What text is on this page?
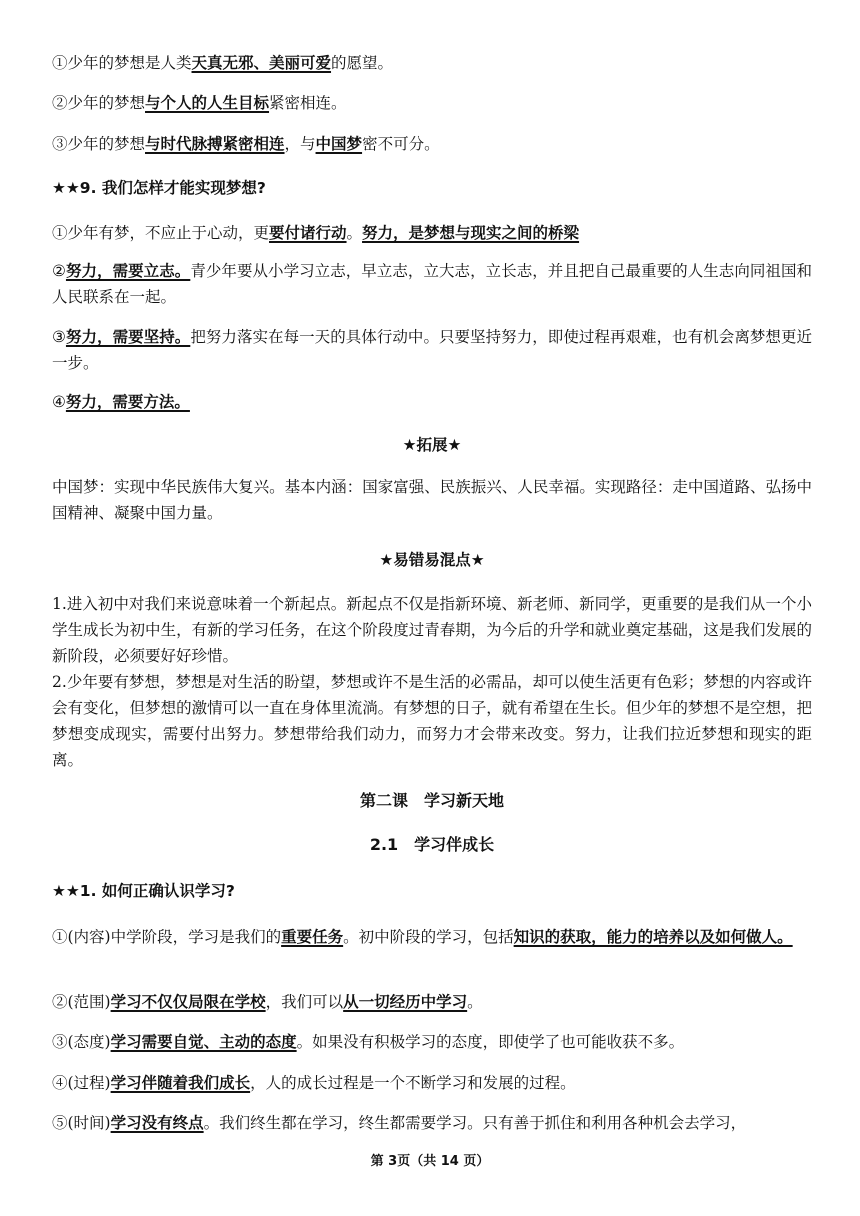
①少年的梦想是人类天真无邪、美丽可爱的愿望。
②少年的梦想与个人的人生目标紧密相连。
③少年的梦想与时代脉搏紧密相连，与中国梦密不可分。
★★9. 我们怎样才能实现梦想?
①少年有梦，不应止于心动，更要付诸行动。努力，是梦想与现实之间的桥梁
②努力，需要立志。青少年要从小学习立志，早立志，立大志，立长志，并且把自己最重要的人生志向同祖国和人民联系在一起。
③努力，需要坚持。把努力落实在每一天的具体行动中。只要坚持努力，即使过程再艰难，也有机会离梦想更近一步。
④努力，需要方法。
★拓展★
中国梦：实现中华民族伟大复兴。基本内涵：国家富强、民族振兴、人民幸福。实现路径：走中国道路、弘扬中国精神、凝聚中国力量。
★易错易混点★
1.进入初中对我们来说意味着一个新起点。新起点不仅是指新环境、新老师、新同学，更重要的是我们从一个小学生成长为初中生，有新的学习任务，在这个阶段度过青春期，为今后的升学和就业奠定基础，这是我们发展的新阶段，必须要好好珍惜。
2.少年要有梦想，梦想是对生活的盼望，梦想或许不是生活的必需品，却可以使生活更有色彩；梦想的内容或许会有变化，但梦想的激情可以一直在身体里流淌。有梦想的日子，就有希望在生长。但少年的梦想不是空想，把梦想变成现实，需要付出努力。梦想带给我们动力，而努力才会带来改变。努力，让我们拉近梦想和现实的距离。
第二课　学习新天地
2.1　学习伴成长
★★1. 如何正确认识学习?
①(内容)中学阶段，学习是我们的重要任务。初中阶段的学习，包括知识的获取，能力的培养以及如何做人。
②(范围)学习不仅仅局限在学校，我们可以从一切经历中学习。
③(态度)学习需要自觉、主动的态度。如果没有积极学习的态度，即使学了也可能收获不多。
④(过程)学习伴随着我们成长，人的成长过程是一个不断学习和发展的过程。
⑤(时间)学习没有终点。我们终生都在学习，终生都需要学习。只有善于抓住和利用各种机会去学习，
第 3页（共 14 页）
